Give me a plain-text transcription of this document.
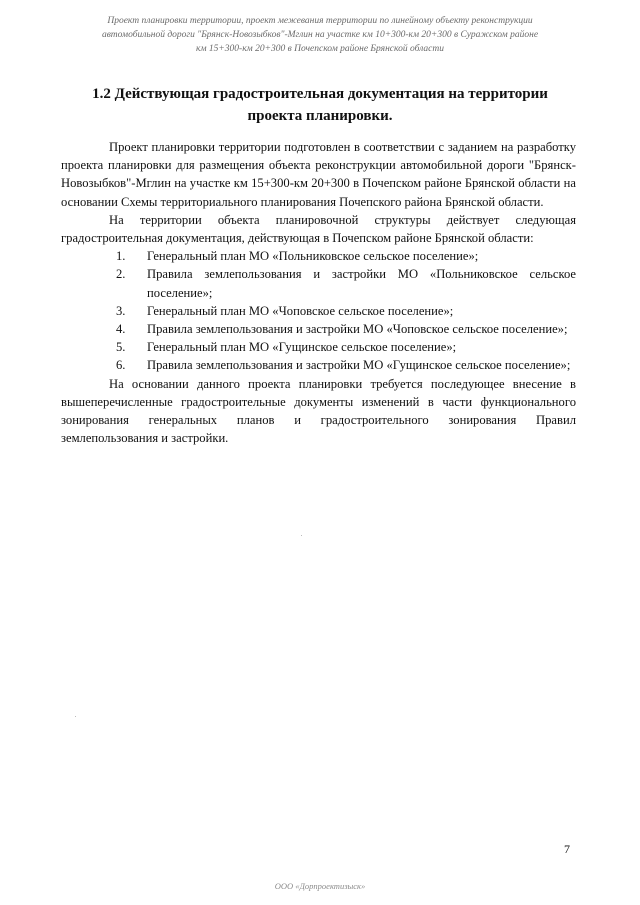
Проект планировки территории, проект межевания территории по линейному объекту реконструкции
автомобильной дороги "Брянск-Новозыбков"-Мглин на участке км 10+300-км 20+300 в Суражском районе
км 15+300-км 20+300 в Почепском районе Брянской области
1.2 Действующая градостроительная документация на территории
проекта планировки.

Проект планировки территории подготовлен в соответствии с заданием на разработку проекта планировки для размещения объекта реконструкции автомобильной дороги "Брянск-Новозыбков"-Мглин на участке км 15+300-км 20+300 в Почепском районе Брянской области на основании Схемы территориального планирования Почепского района Брянской области.

На территории объекта планировочной структуры действует следующая градостроительная документация, действующая в Почепском районе Брянской области:

1. Генеральный план МО «Польниковское сельское поселение»;
2. Правила землепользования и застройки МО «Польниковское сельское поселение»;
3. Генеральный план МО «Чоповское сельское поселение»;
4. Правила землепользования и застройки МО «Чоповское сельское поселение»;
5. Генеральный план МО «Гущинское сельское поселение»;
6. Правила землепользования и застройки МО «Гущинское сельское поселение»;

На основании данного проекта планировки требуется последующее внесение в вышеперечисленные градостроительные документы изменений в части функционального зонирования генеральных планов и градостроительного зонирования Правил землепользования и застройки.

7
ООО «Дорпроектизыск»
